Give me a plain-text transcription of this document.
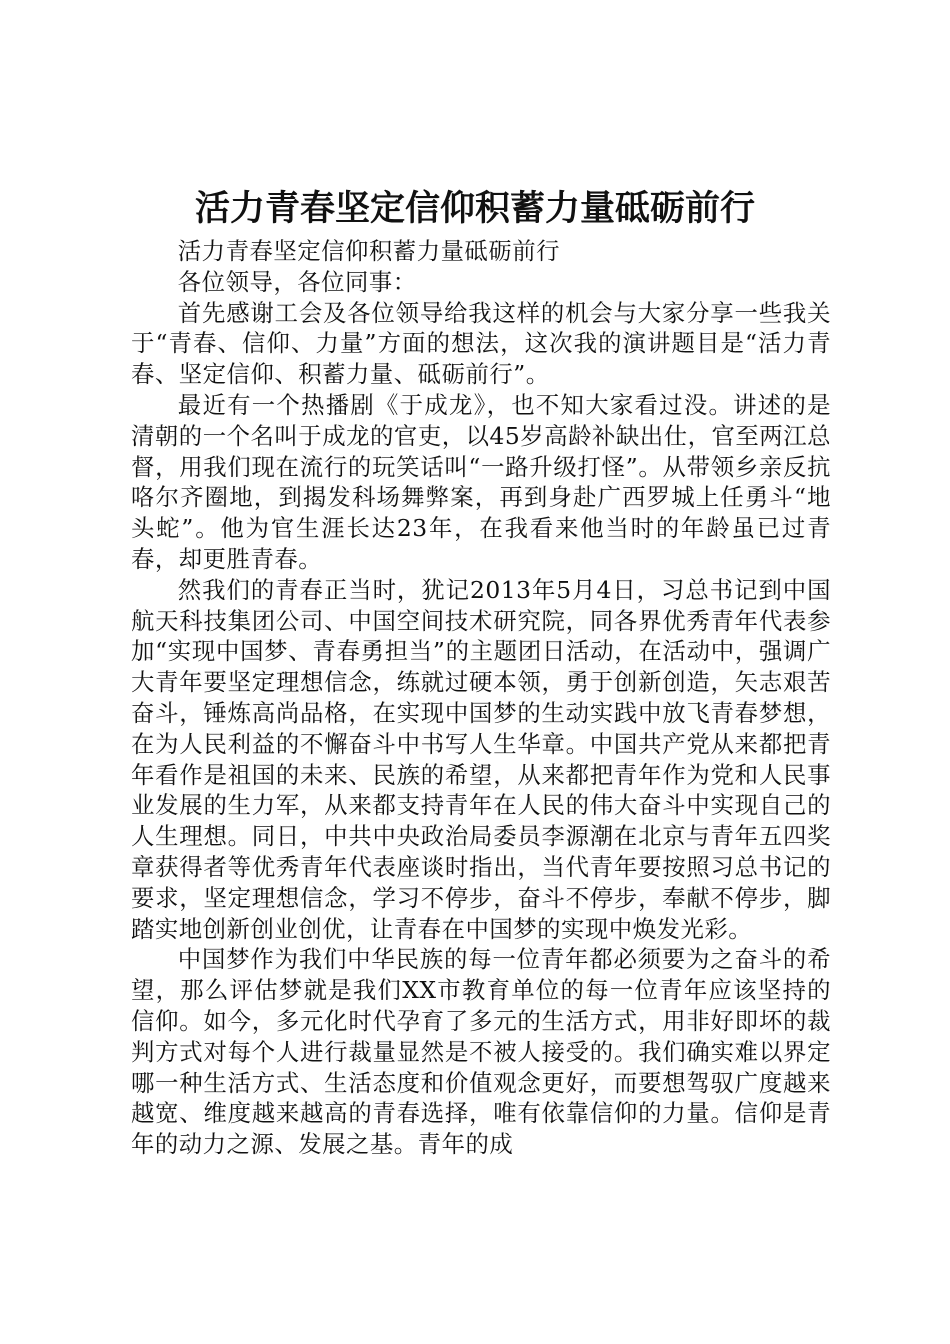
活力青春坚定信仰积蓄力量砥砺前行

活力青春坚定信仰积蓄力量砥砺前行

各位领导，各位同事：

首先感谢工会及各位领导给我这样的机会与大家分享一些我关于“青春、信仰、力量”方面的想法，这次我的演讲题目是“活力青春、坚定信仰、积蓄力量、砥砺前行”。

最近有一个热播剧《于成龙》，也不知大家看过没。讲述的是清朝的一个名叫于成龙的官吏，以45岁高龄补缺出仕，官至两江总督，用我们现在流行的玩笑话叫“一路升级打怪”。从带领乡亲反抗咯尔齐圈地，到揭发科场舞弊案，再到身赴广西罗城上任勇斗“地头蛇”。他为官生涯长达23年，在我看来他当时的年龄虽已过青春，却更胜青春。

然我们的青春正当时，犹记2013年5月4日，习总书记到中国航天科技集团公司、中国空间技术研究院，同各界优秀青年代表参加“实现中国梦、青春勇担当”的主题团日活动，在活动中，强调广大青年要坚定理想信念，练就过硬本领，勇于创新创造，矢志艰苦奋斗，锤炼高尚品格，在实现中国梦的生动实践中放飞青春梦想，在为人民利益的不懈奋斗中书写人生华章。中国共产党从来都把青年看作是祖国的未来、民族的希望，从来都把青年作为党和人民事业发展的生力军，从来都支持青年在人民的伟大奋斗中实现自己的人生理想。同日，中共中央政治局委员李源潮在北京与青年五四奖章获得者等优秀青年代表座谈时指出，当代青年要按照习总书记的要求，坚定理想信念，学习不停步，奋斗不停步，奉献不停步，脚踏实地创新创业创优，让青春在中国梦的实现中焕发光彩。

中国梦作为我们中华民族的每一位青年都必须要为之奋斗的希望，那么评估梦就是我们XX市教育单位的每一位青年应该坚持的信仰。如今，多元化时代孕育了多元的生活方式，用非好即坏的裁判方式对每个人进行裁量显然是不被人接受的。我们确实难以界定哪一种生活方式、生活态度和价值观念更好，而要想驾驭广度越来越宽、维度越来越高的青春选择，唯有依靠信仰的力量。信仰是青年的动力之源、发展之基。青年的成
